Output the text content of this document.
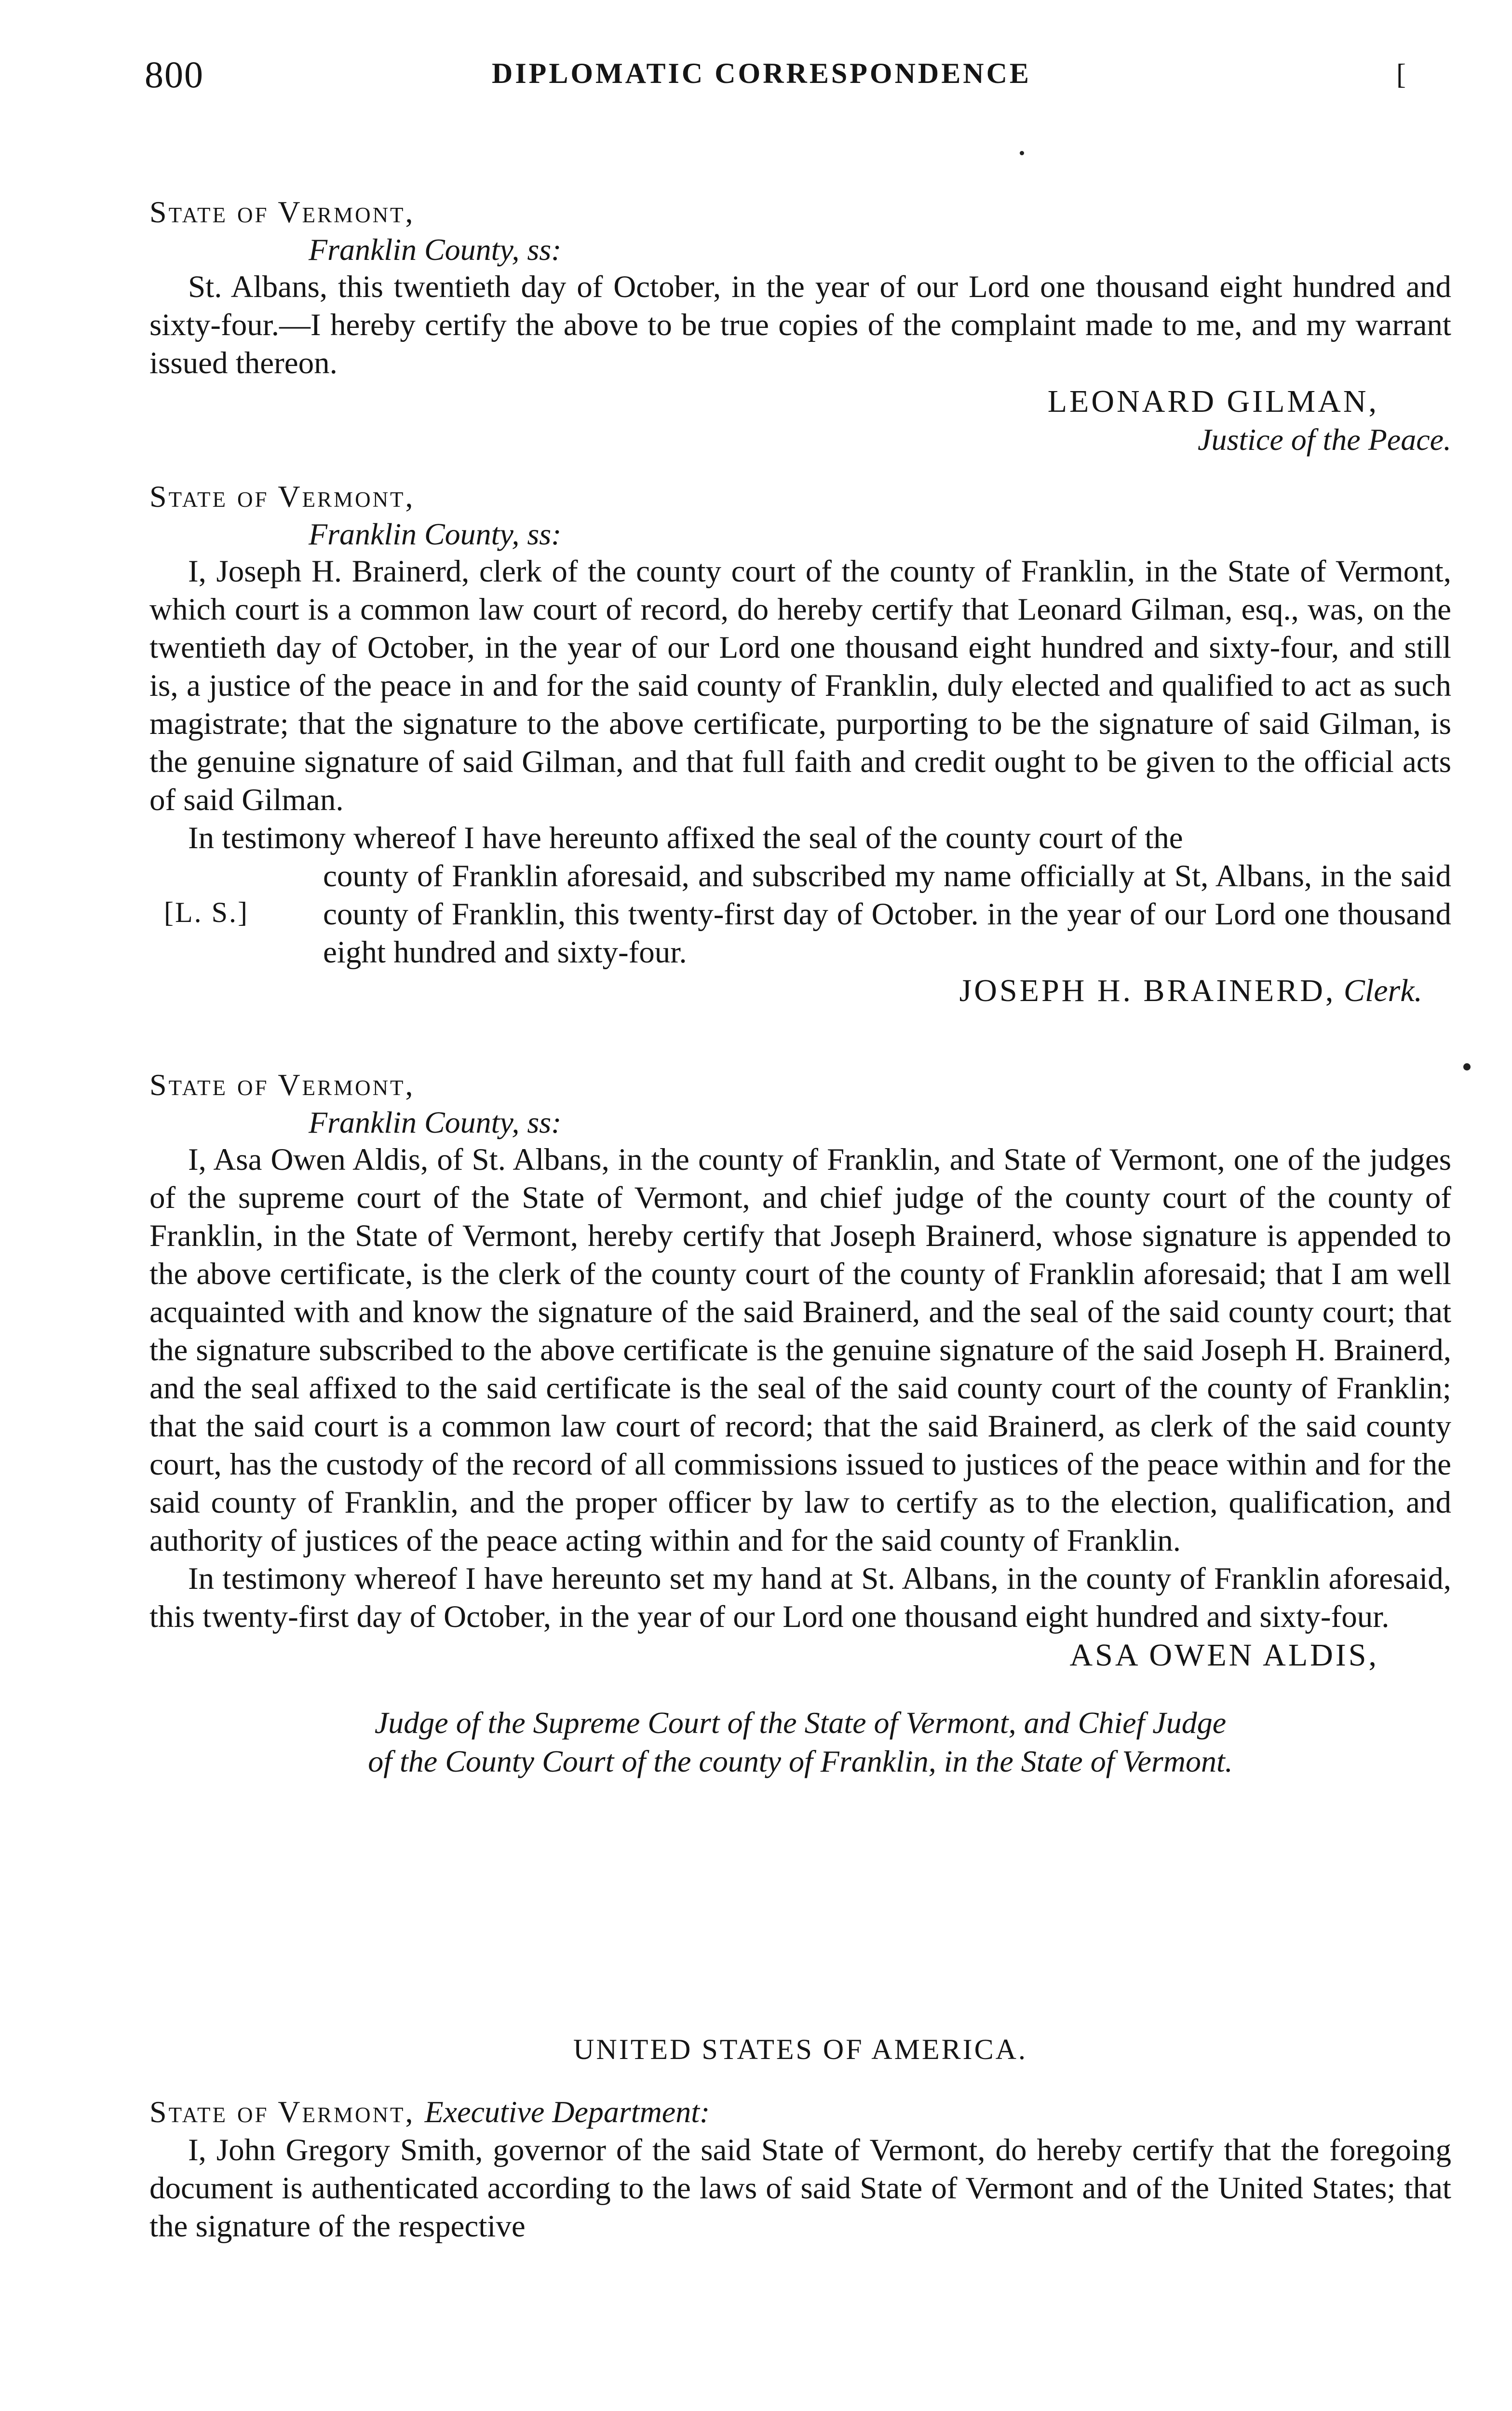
800	DIPLOMATIC CORRESPONDENCE	[
State of Vermont,
Franklin County, ss:

St. Albans, this twentieth day of October, in the year of our Lord one thousand eight hundred and sixty-four.—I hereby certify the above to be true copies of the complaint made to me, and my warrant issued thereon.

LEONARD GILMAN,
Justice of the Peace.
State of Vermont,
Franklin County, ss:

I, Joseph H. Brainerd, clerk of the county court of the county of Franklin, in the State of Vermont, which court is a common law court of record, do hereby certify that Leonard Gilman, esq., was, on the twentieth day of October, in the year of our Lord one thousand eight hundred and sixty-four, and still is, a justice of the peace in and for the said county of Franklin, duly elected and qualified to act as such magistrate; that the signature to the above certificate, purporting to be the signature of said Gilman, is the genuine signature of said Gilman, and that full faith and credit ought to be given to the official acts of said Gilman.

In testimony whereof I have hereunto affixed the seal of the county court of the

[L. S.]
county of Franklin aforesaid, and subscribed my name officially at St, Albans, in the said county of Franklin, this twenty-first day of October. in the year of our Lord one thousand eight hundred and sixty-four.
JOSEPH H. BRAINERD, Clerk.
State of Vermont,
Franklin County, ss:

I, Asa Owen Aldis, of St. Albans, in the county of Franklin, and State of Vermont, one of the judges of the supreme court of the State of Vermont, and chief judge of the county court of the county of Franklin, in the State of Vermont, hereby certify that Joseph Brainerd, whose signature is appended to the above certificate, is the clerk of the county court of the county of Franklin aforesaid; that I am well acquainted with and know the signature of the said Brainerd, and the seal of the said county court; that the signature subscribed to the above certificate is the genuine signature of the said Joseph H. Brainerd, and the seal affixed to the said certificate is the seal of the said county court of the county of Franklin; that the said court is a common law court of record; that the said Brainerd, as clerk of the said county court, has the custody of the record of all commissions issued to justices of the peace within and for the said county of Franklin, and the proper officer by law to certify as to the election, qualification, and authority of justices of the peace acting within and for the said county of Franklin.

In testimony whereof I have hereunto set my hand at St. Albans, in the county of Franklin aforesaid, this twenty-first day of October, in the year of our Lord one thousand eight hundred and sixty-four.

ASA OWEN ALDIS,
Judge of the Supreme Court of the State of Vermont, and Chief Judge
of the County Court of the county of Franklin, in the State of Vermont.
UNITED STATES OF AMERICA.
State of Vermont, Executive Department:

I, John Gregory Smith, governor of the said State of Vermont, do hereby certify that the foregoing document is authenticated according to the laws of said State of Vermont and of the United States; that the signature of the respective
